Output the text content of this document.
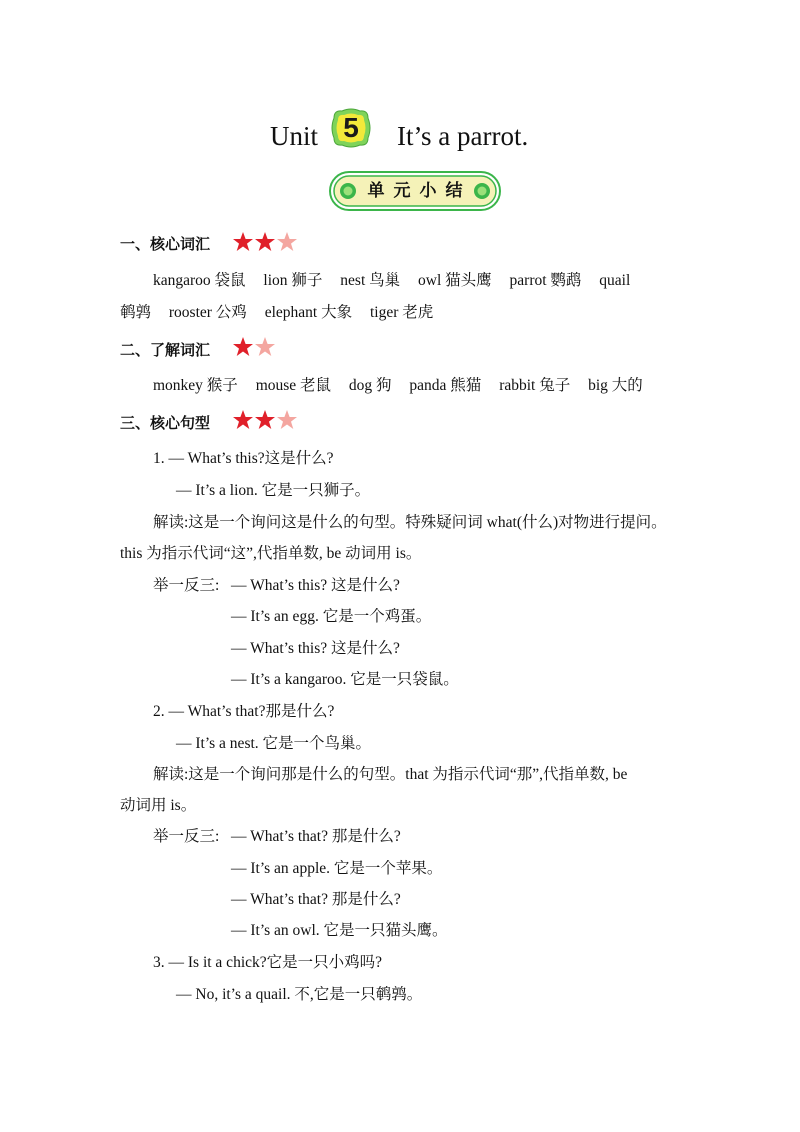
Unit 5	It’s a parrot.
单元小结
一、核心词汇
kangaroo 袋鼠 lion 狮子 nest 鸟巢 owl 猫头鹰 parrot 鹦鹉 quail
鹌鹑 rooster 公鸡 elephant 大象 tiger 老虎
二、了解词汇
monkey 猴子 mouse 老鼠 dog 狗 panda 熊猫 rabbit 兔子 big 大的
三、核心句型
1. — What’s this?这是什么?
— It’s a lion. 它是一只狮子。
解读:这是一个询问这是什么的句型。特殊疑问词 what(什么)对物进行提问。
this 为指示代词“这”,代指单数, be 动词用 is。
举一反三: — What’s this? 这是什么?
— It’s an egg. 它是一个鸡蛋。
— What’s this? 这是什么?
— It’s a kangaroo. 它是一只袋鼠。
2. — What’s that?那是什么?
— It’s a nest. 它是一个鸟巢。
解读:这是一个询问那是什么的句型。that 为指示代词“那”,代指单数, be
动词用 is。
举一反三: — What’s that? 那是什么?
— It’s an apple. 它是一个苹果。
— What’s that? 那是什么?
— It’s an owl. 它是一只猫头鹰。
3. — Is it a chick?它是一只小鸡吗?
— No, it’s a quail. 不,它是一只鹌鹑。
